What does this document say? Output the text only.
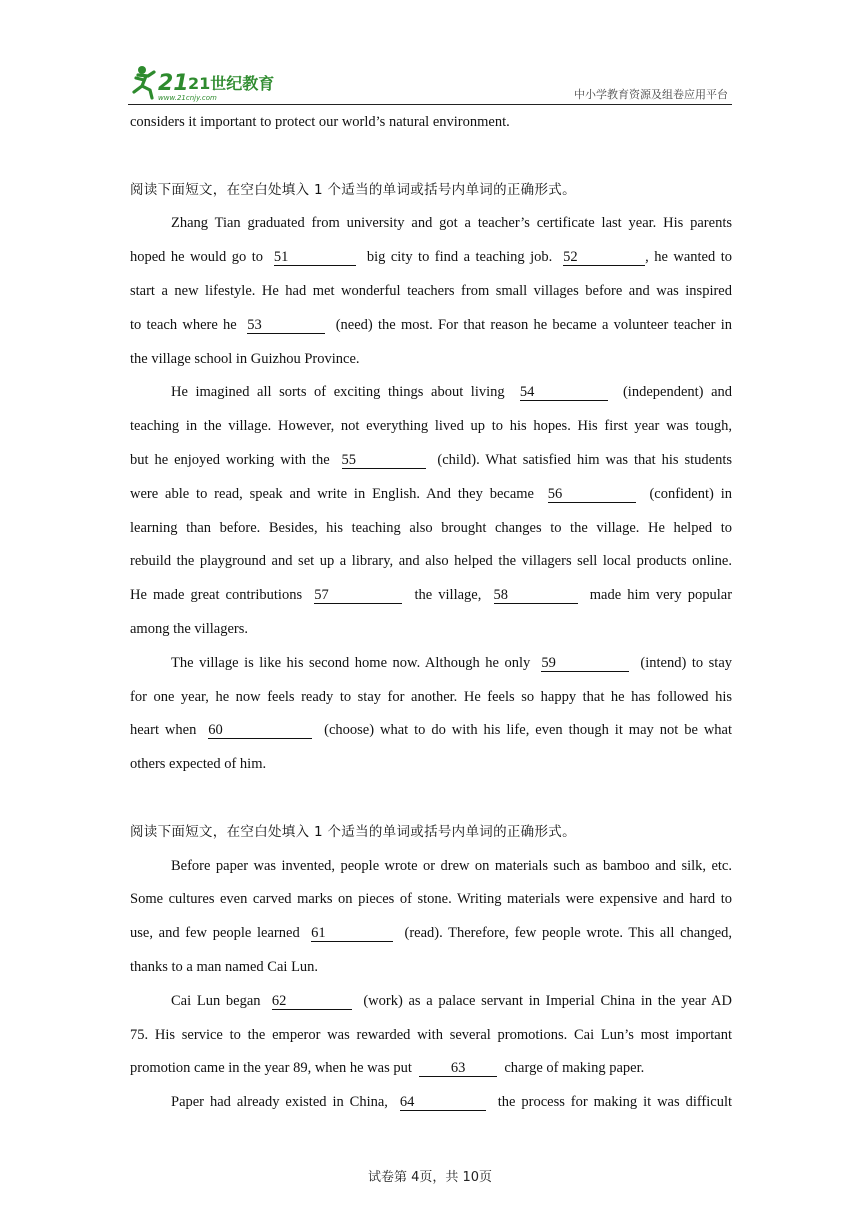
21 21世纪教育
www.21cnjy.com	中小学教育资源及组卷应用平台
considers it important to protect our world’s natural environment.
阅读下面短文，在空白处填入 1 个适当的单词或括号内单词的正确形式。
Zhang Tian graduated from university and got a teacher’s certificate last year. His parents
hoped he would go to 51	big city to find a teaching job. 52	, he wanted to
start a new lifestyle. He had met wonderful teachers from small villages before and was inspired
to teach where he 53	(need) the most. For that reason he became a volunteer teacher in
the village school in Guizhou Province.
He imagined all sorts of exciting things about living 54	(independent) and
teaching in the village. However, not everything lived up to his hopes. His first year was tough,
but he enjoyed working with the 55	(child). What satisfied him was that his students
were able to read, speak and write in English. And they became 56	(confident) in
learning than before. Besides, his teaching also brought changes to the village. He helped to
rebuild the playground and set up a library, and also helped the villagers sell local products online.
He made great contributions 57	the village, 58	made him very popular
among the villagers.
The village is like his second home now. Although he only 59	(intend) to stay
for one year, he now feels ready to stay for another. He feels so happy that he has followed his
heart when 60	(choose) what to do with his life, even though it may not be what
others expected of him.
阅读下面短文，在空白处填入 1 个适当的单词或括号内单词的正确形式。
Before paper was invented, people wrote or drew on materials such as bamboo and silk, etc.
Some cultures even carved marks on pieces of stone. Writing materials were expensive and hard to
use, and few people learned 61	(read). Therefore, few people wrote. This all changed,
thanks to a man named Cai Lun.
Cai Lun began 62	(work) as a palace servant in Imperial China in the year AD
75. His service to the emperor was rewarded with several promotions. Cai Lun’s most important
promotion came in the year 89, when he was put	63	charge of making paper.
Paper had already existed in China, 64	the process for making it was difficult
试卷第 4页，共 10页
